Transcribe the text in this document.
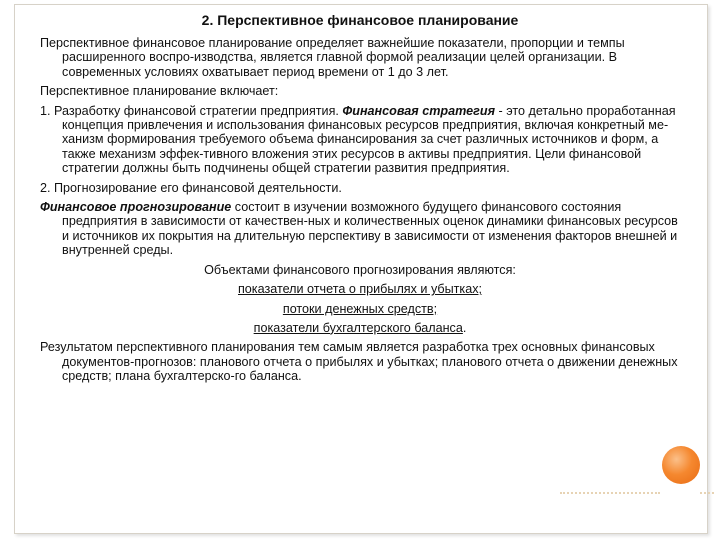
2. Перспективное финансовое планирование
Перспективное финансовое планирование определяет важнейшие показатели, пропорции и темпы расширенного воспро-изводства, является главной формой реализации целей организации. В современных условиях охватывает период времени от 1 до 3 лет.
Перспективное планирование включает:
1. Разработку финансовой стратегии предприятия. Финансовая стратегия - это детально проработанная концепция привлечения и использования финансовых ресурсов предприятия, включая конкретный ме-ханизм формирования требуемого объема финансирования за счет различных источников и форм, а также механизм эффек-тивного вложения этих ресурсов в активы предприятия. Цели финансовой стратегии должны быть подчинены общей стратегии развития предприятия.
2. Прогнозирование его финансовой деятельности.
Финансовое прогнозирование состоит в изучении возможного будущего финансового состояния предприятия в зависимости от качествен-ных и количественных оценок динамики финансовых ресурсов и источников их покрытия на длительную перспективу в зависимости от изменения факторов внешней и внутренней среды.
Объектами финансового прогнозирования являются:
показатели отчета о прибылях и убытках;
потоки денежных средств;
показатели бухгалтерского баланса.
Результатом перспективного планирования тем самым является разработка трех основных финансовых документов-прогнозов: планового отчета о прибылях и убытках; планового отчета о движении денежных средств; плана бухгалтерско-го баланса.
